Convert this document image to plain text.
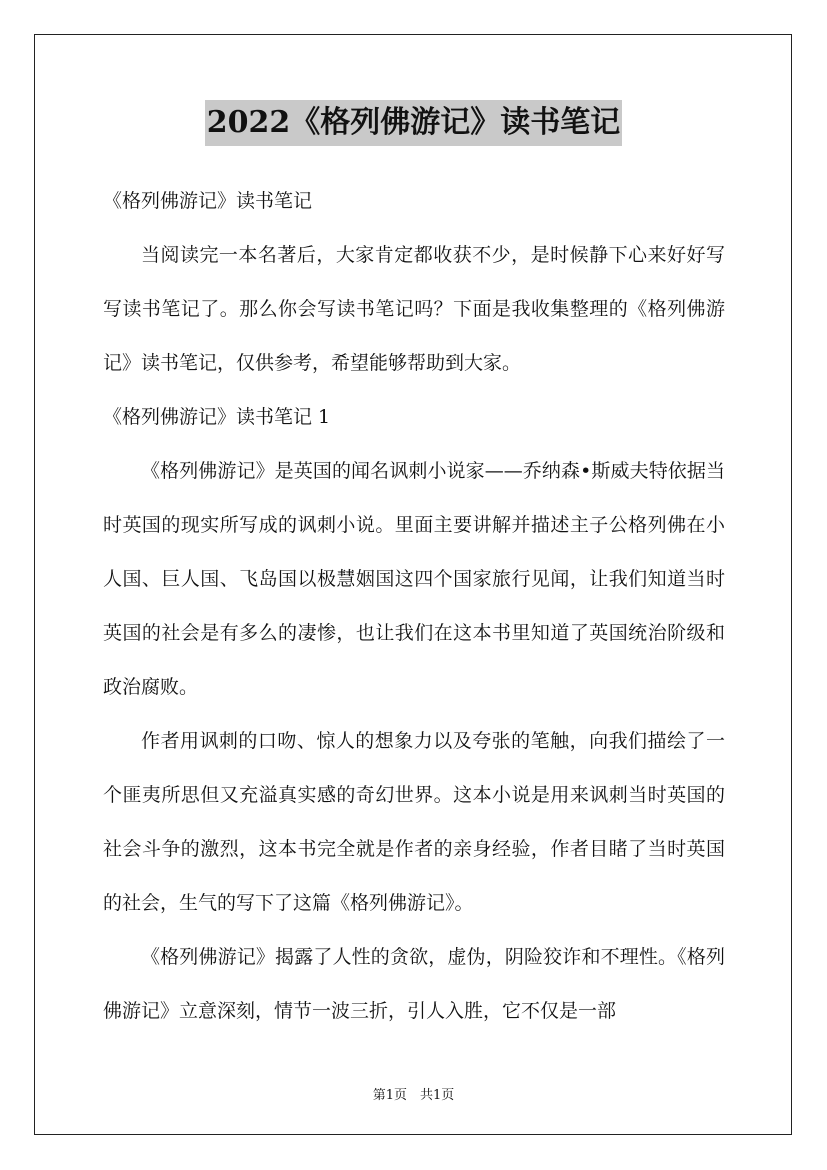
2022《格列佛游记》读书笔记

《格列佛游记》读书笔记

当阅读完一本名著后，大家肯定都收获不少，是时候静下心来好好写写读书笔记了。那么你会写读书笔记吗？下面是我收集整理的《格列佛游记》读书笔记，仅供参考，希望能够帮助到大家。

《格列佛游记》读书笔记 1

《格列佛游记》是英国的闻名讽刺小说家——乔纳森•斯威夫特依据当时英国的现实所写成的讽刺小说。里面主要讲解并描述主子公格列佛在小人国、巨人国、飞岛国以极慧姻国这四个国家旅行见闻，让我们知道当时英国的社会是有多么的凄惨，也让我们在这本书里知道了英国统治阶级和政治腐败。

作者用讽刺的口吻、惊人的想象力以及夸张的笔触，向我们描绘了一个匪夷所思但又充溢真实感的奇幻世界。这本小说是用来讽刺当时英国的社会斗争的激烈，这本书完全就是作者的亲身经验，作者目睹了当时英国的社会，生气的写下了这篇《格列佛游记》。

《格列佛游记》揭露了人性的贪欲，虚伪，阴险狡诈和不理性。《格列佛游记》立意深刻，情节一波三折，引人入胜，它不仅是一部

第1页　共1页
